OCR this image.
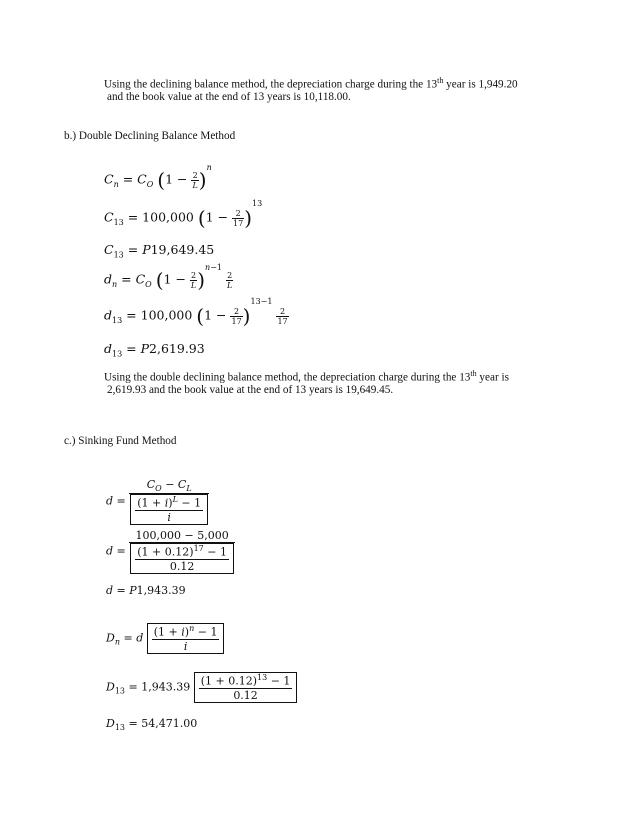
Using the declining balance method, the depreciation charge during the 13th year is 1,949.20
and the book value at the end of 13 years is 10,118.00.
b.) Double Declining Balance Method
$C_n = C_O$ $(1 - \frac{2}{L} )^n$
$C_{13} = 100,000$ $(1 - \frac{2}{17} )^{13}$
$C_{13} = P19,649.45$
$d_n = C_O$ $(1 - \frac{2}{L} )^{n-1}$
$\frac{2}{L}$
$d_{13} = 100,000$ $(1 - \frac{2}{17} )^{13-1}$
$\frac{2}{17}$
$d_{13} = P2,619.93$
Using the double declining balance method, the depreciation charge during the 13th year is
2,619.93 and the book value at the end of 13 years is 19,649.45.
c.) Sinking Fund Method
$d = \frac{C_O - C_L}{\frac{(1 + i)^L - 1}{i}}$
$d = \frac{100,000 - 5,000}{\frac{(1 + 0.12)^{17} - 1}{0.12}}$
d = P1,943.39
$D_n = d \frac{(1 + i)^n - 1}{i}$
$D_{13} = 1,943.39 \frac{(1 + 0.12)^{13} - 1}{0.12}$
$D_{13} = 54,471.00$
